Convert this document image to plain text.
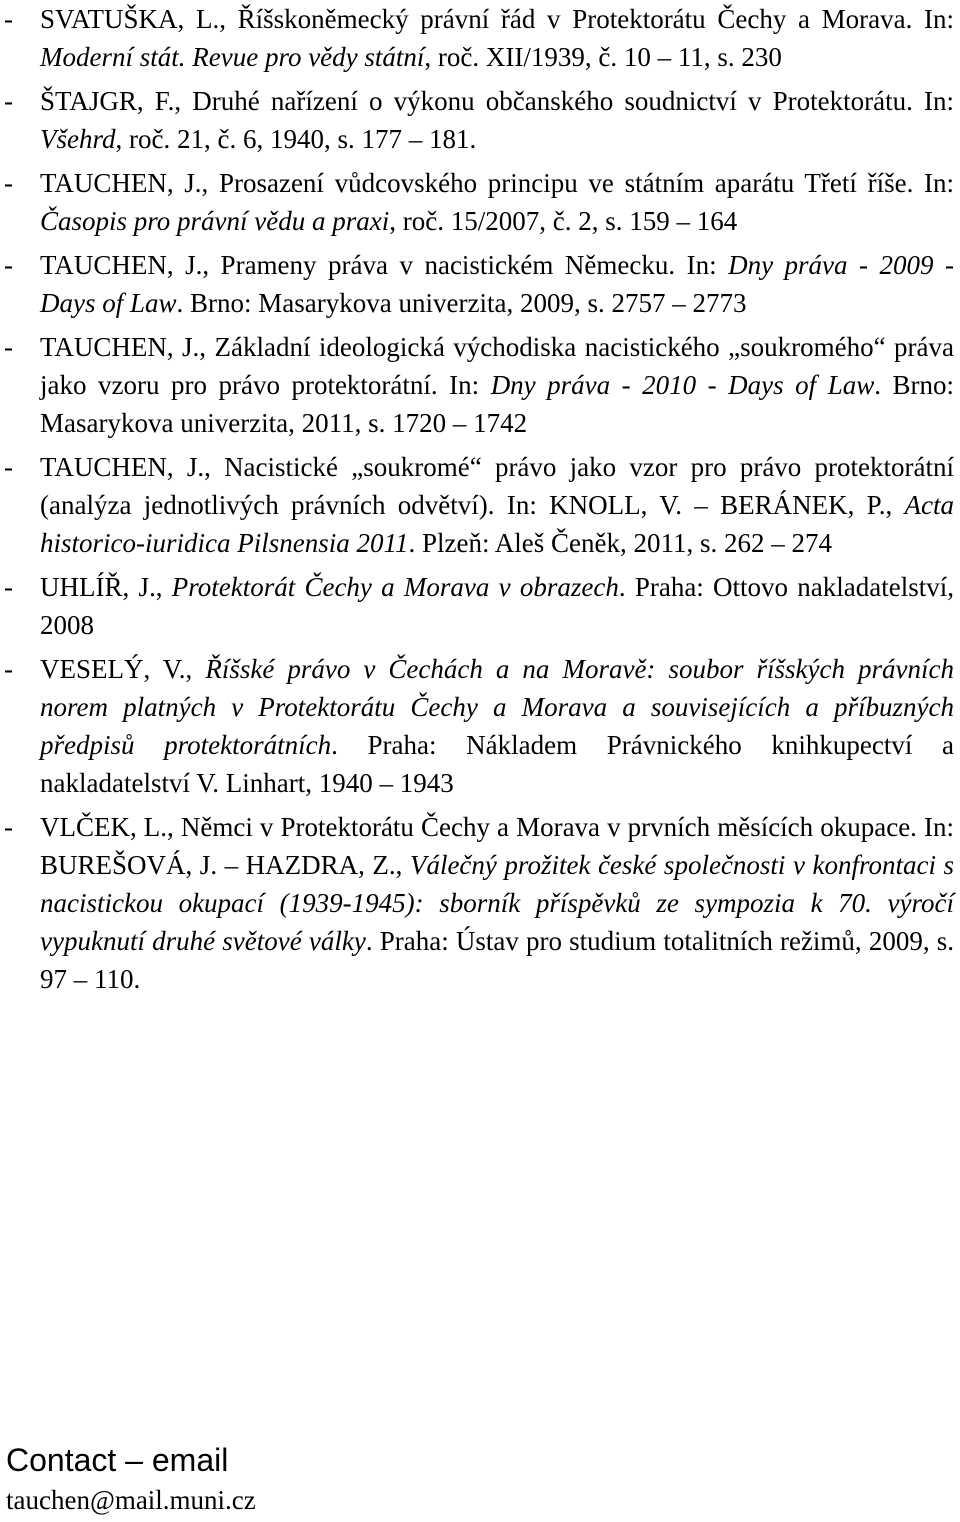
- SVATUŠKA, L., Říšskoněmecký právní řád v Protektorátu Čechy a Morava. In: Moderní stát. Revue pro vědy státní, roč. XII/1939, č. 10 – 11, s. 230
- ŠTAJGR, F., Druhé nařízení o výkonu občanského soudnictví v Protektorátu. In: Všehrd, roč. 21, č. 6, 1940, s. 177 – 181.
- TAUCHEN, J., Prosazení vůdcovského principu ve státním aparátu Třetí říše. In: Časopis pro právní vědu a praxi, roč. 15/2007, č. 2, s. 159 – 164
- TAUCHEN, J., Prameny práva v nacistickém Německu. In: Dny práva - 2009 - Days of Law. Brno: Masarykova univerzita, 2009, s. 2757 – 2773
- TAUCHEN, J., Základní ideologická východiska nacistického „soukromého“ práva jako vzoru pro právo protektorátní. In: Dny práva - 2010 - Days of Law. Brno: Masarykova univerzita, 2011, s. 1720 – 1742
- TAUCHEN, J., Nacistické „soukromé“ právo jako vzor pro právo protektorátní (analýza jednotlivých právních odvětví). In: KNOLL, V. – BERÁNEK, P., Acta historico-iuridica Pilsnensia 2011. Plzeň: Aleš Čeněk, 2011, s. 262 – 274
- UHLÍŘ, J., Protektorát Čechy a Morava v obrazech. Praha: Ottovo nakladatelství, 2008
- VESELÝ, V., Říšské právo v Čechách a na Moravě: soubor říšských právních norem platných v Protektorátu Čechy a Morava a souvisejících a příbuzných předpisů protektorátních. Praha: Nákladem Právnického knihkupectví a nakladatelství V. Linhart, 1940 – 1943
- VLČEK, L., Němci v Protektorátu Čechy a Morava v prvních měsících okupace. In: BUREŠOVÁ, J. – HAZDRA, Z., Válečný prožitek české společnosti v konfrontaci s nacistickou okupací (1939-1945): sborník příspěvků ze sympozia k 70. výročí vypuknutí druhé světové války. Praha: Ústav pro studium totalitních režimů, 2009, s. 97 – 110.
Contact – email
tauchen@mail.muni.cz
